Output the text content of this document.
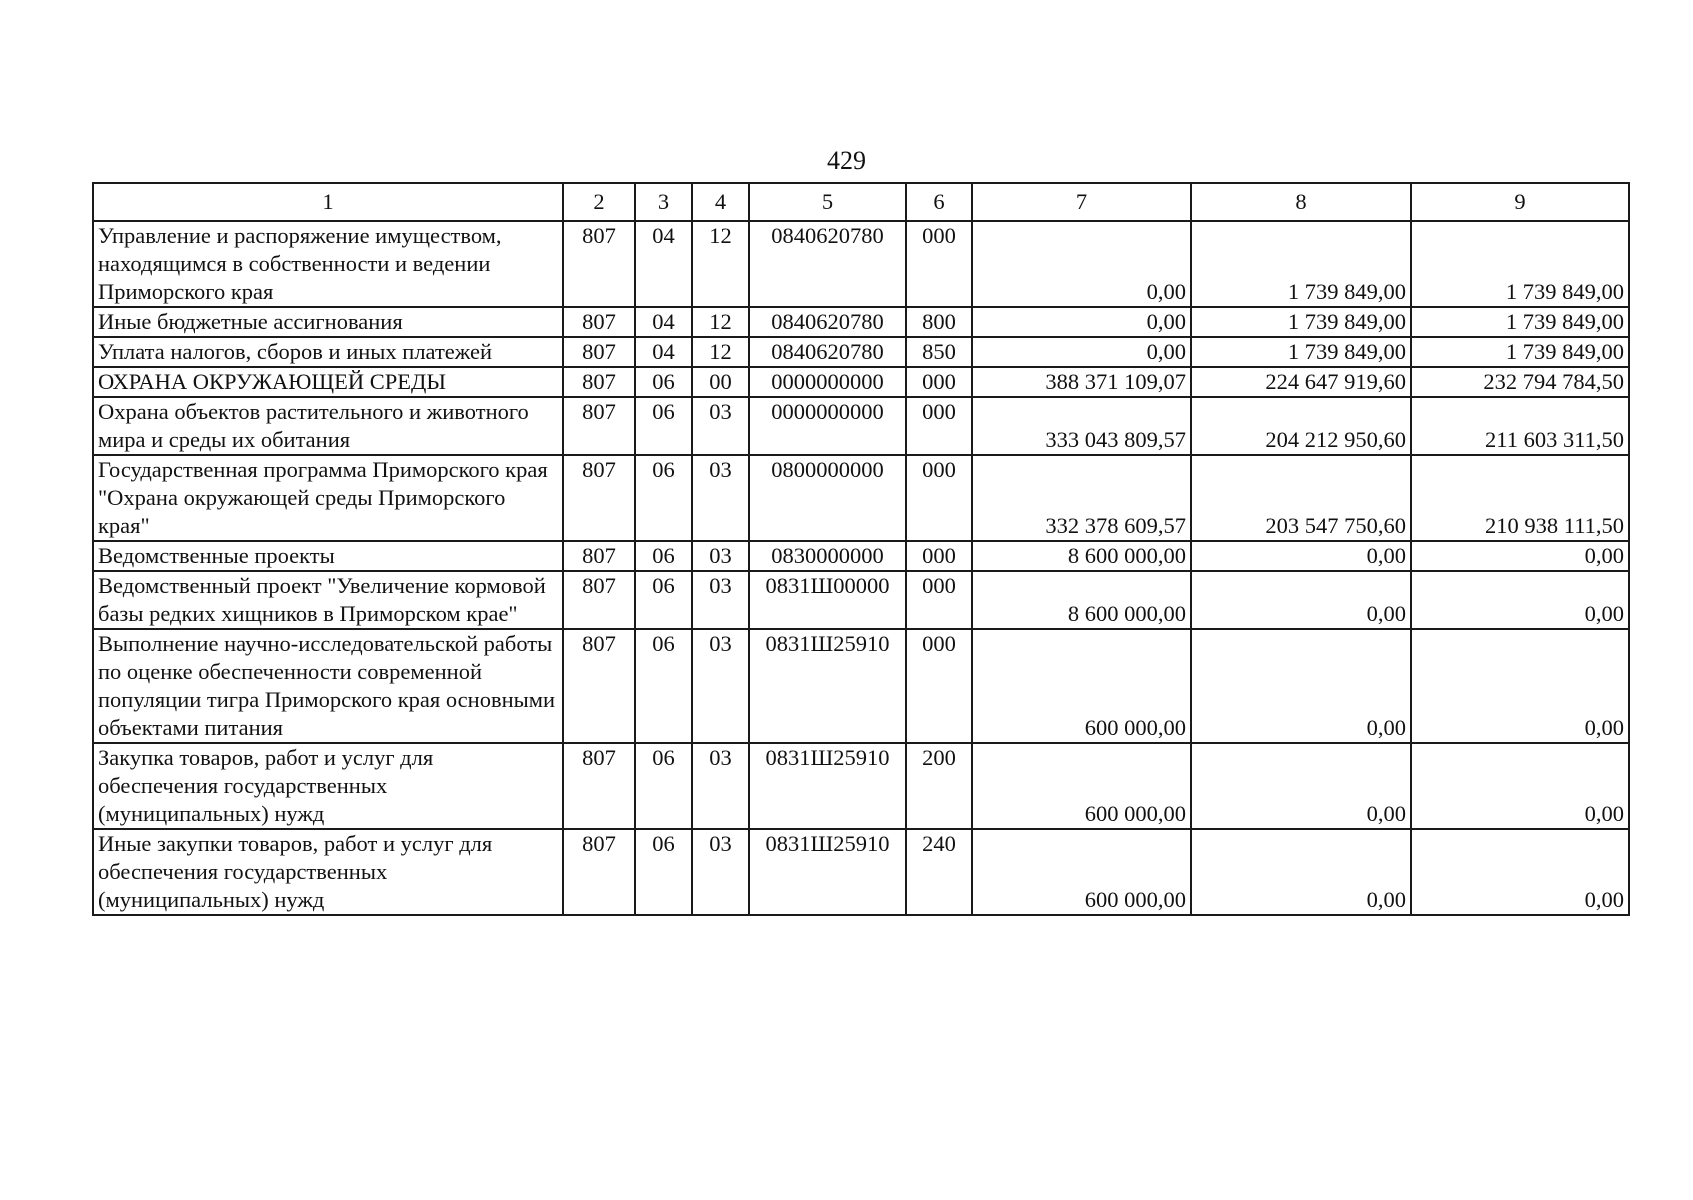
429
1	2	3	4	5	6	7	8	9
Управление и распоряжение имуществом, находящимся в собственности и ведении Приморского края	807	04	12	0840620780	000	0,00	1 739 849,00	1 739 849,00
Иные бюджетные ассигнования	807	04	12	0840620780	800	0,00	1 739 849,00	1 739 849,00
Уплата налогов, сборов и иных платежей	807	04	12	0840620780	850	0,00	1 739 849,00	1 739 849,00
ОХРАНА ОКРУЖАЮЩЕЙ СРЕДЫ	807	06	00	0000000000	000	388 371 109,07	224 647 919,60	232 794 784,50
Охрана объектов растительного и животного мира и среды их обитания	807	06	03	0000000000	000	333 043 809,57	204 212 950,60	211 603 311,50
Государственная программа Приморского края "Охрана окружающей среды Приморского края"	807	06	03	0800000000	000	332 378 609,57	203 547 750,60	210 938 111,50
Ведомственные проекты	807	06	03	0830000000	000	8 600 000,00	0,00	0,00
Ведомственный проект "Увеличение кормовой базы редких хищников в Приморском крае"	807	06	03	0831Ш00000	000	8 600 000,00	0,00	0,00
Выполнение научно-исследовательской работы по оценке обеспеченности современной популяции тигра Приморского края основными объектами питания	807	06	03	0831Ш25910	000	600 000,00	0,00	0,00
Закупка товаров, работ и услуг для обеспечения государственных (муниципальных) нужд	807	06	03	0831Ш25910	200	600 000,00	0,00	0,00
Иные закупки товаров, работ и услуг для обеспечения государственных (муниципальных) нужд	807	06	03	0831Ш25910	240	600 000,00	0,00	0,00
